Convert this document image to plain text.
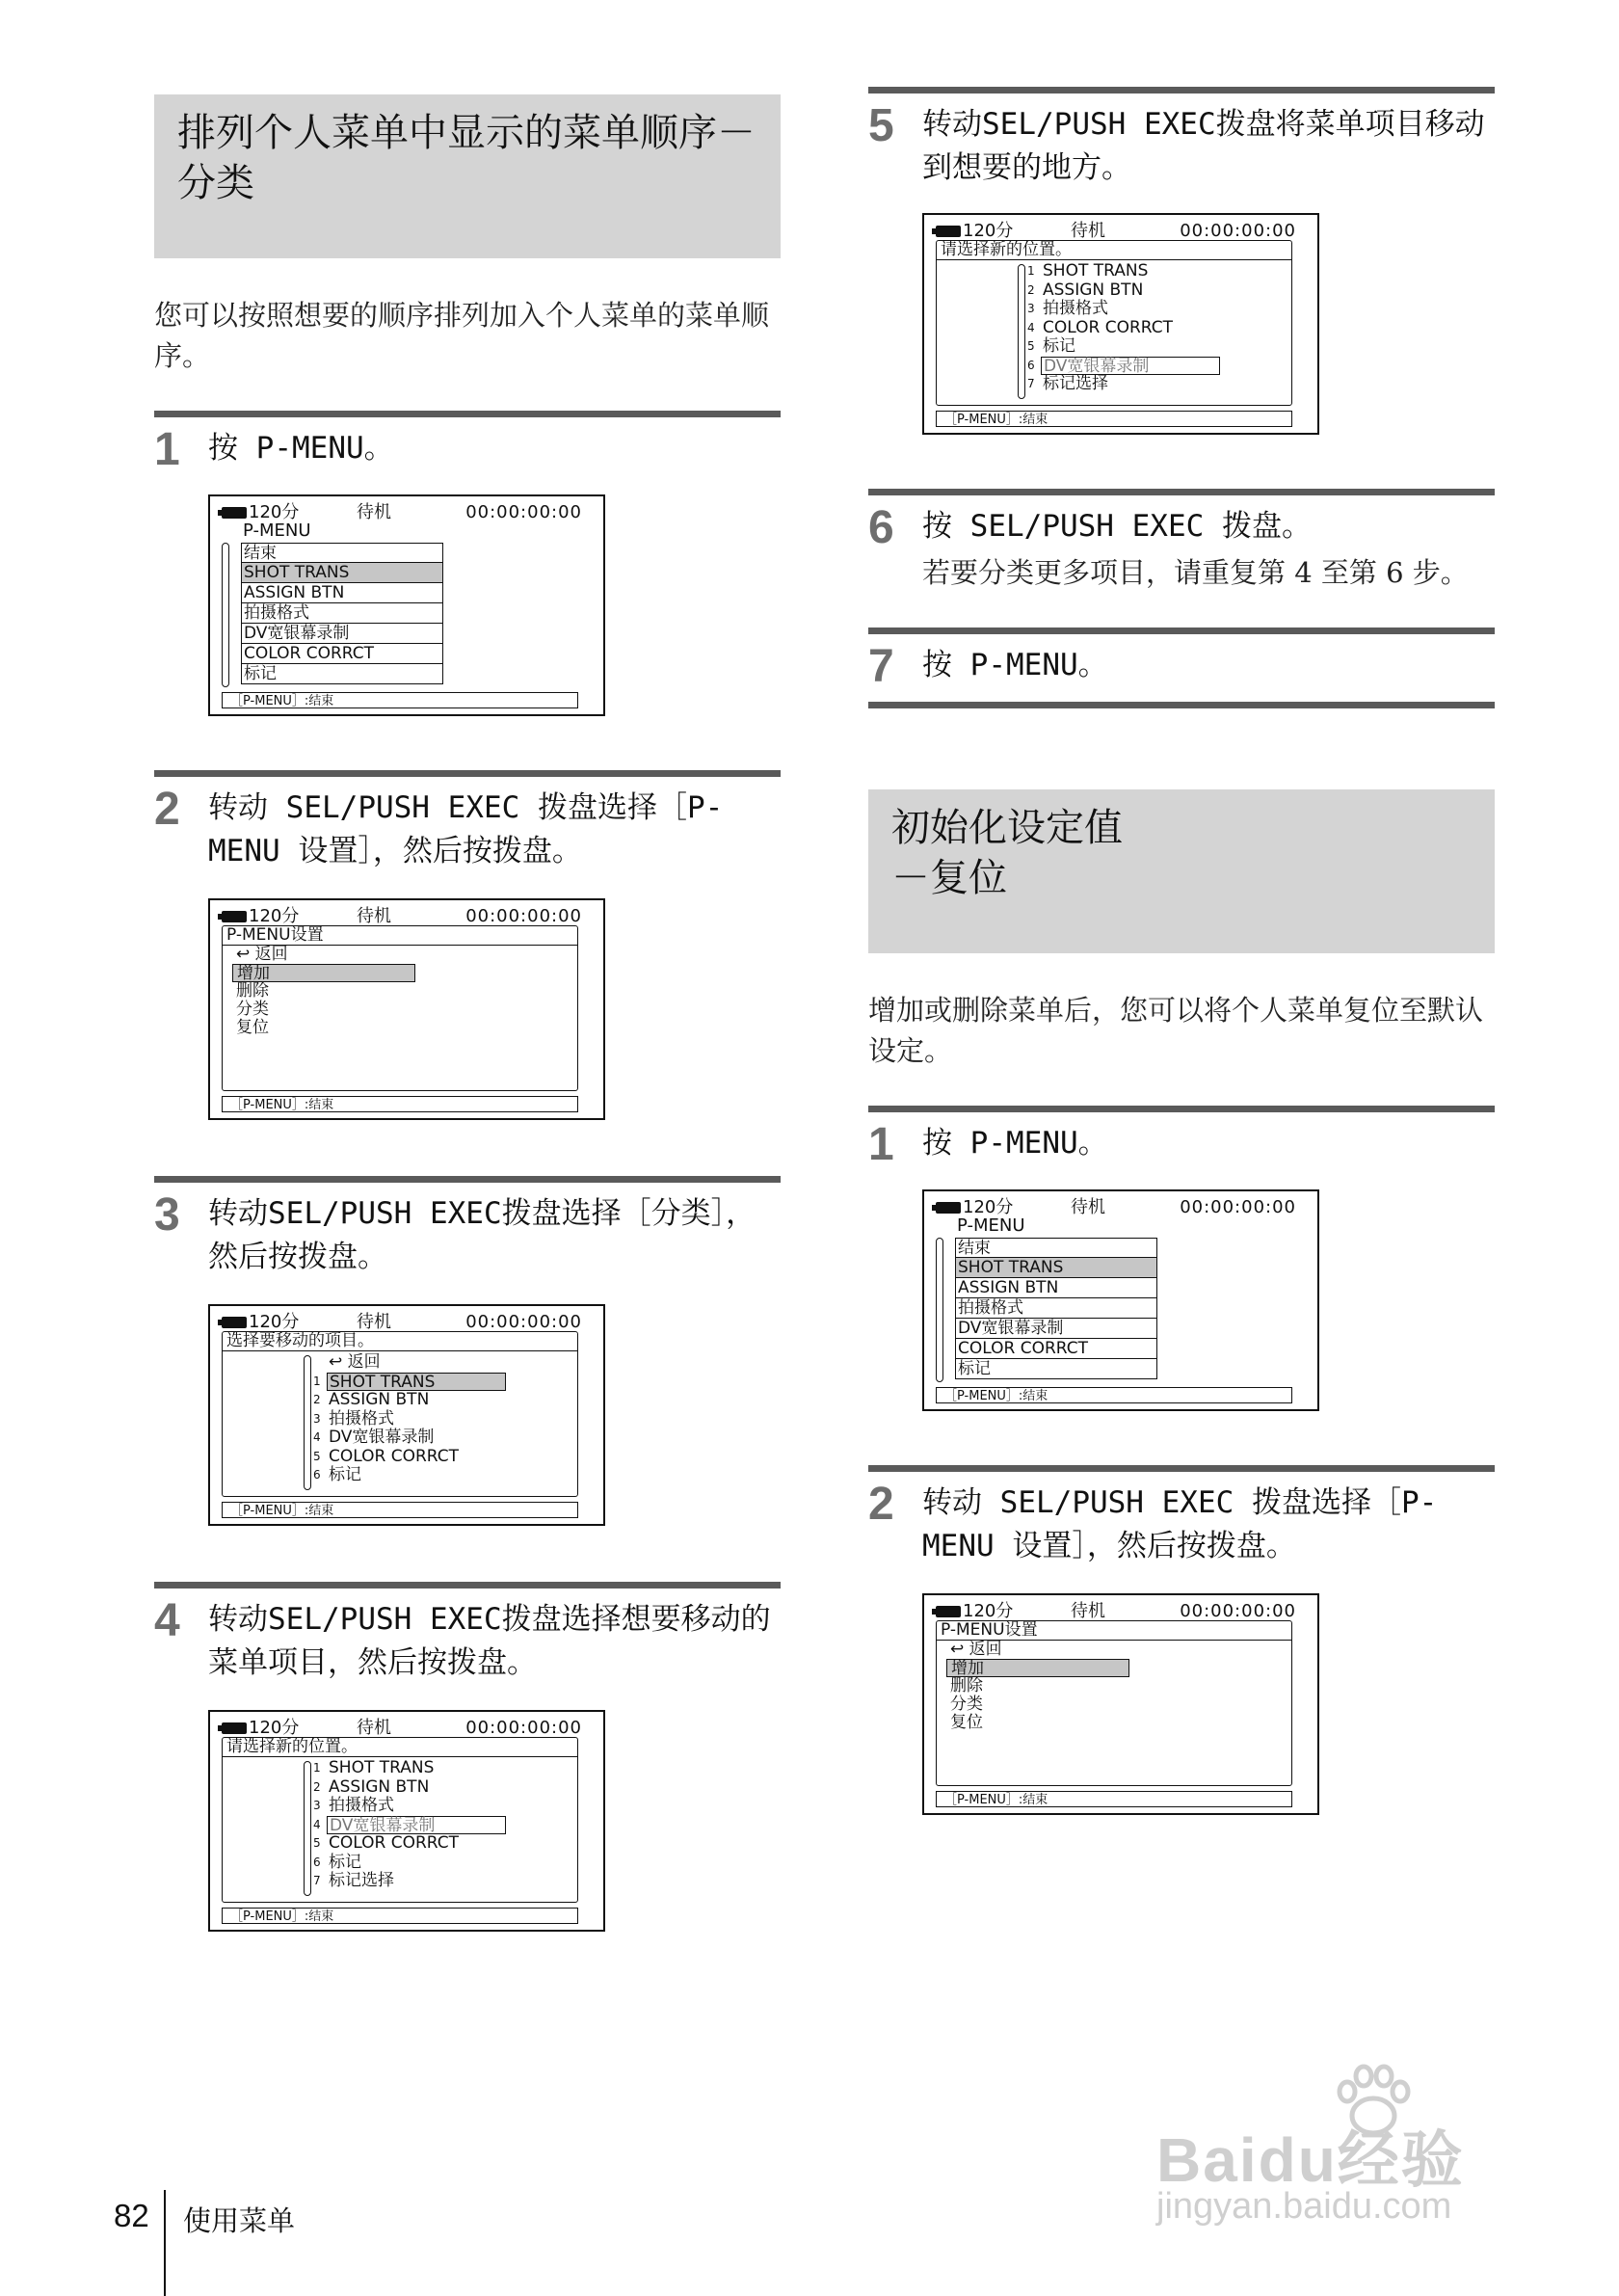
排列个人菜单中显示的菜单顺序－分类
您可以按照想要的顺序排列加入个人菜单的菜单顺序。
1 按 P-MENU。
120分	待机	00:00:00:00
P-MENU
结束
SHOT TRANS
ASSIGN BTN
拍摄格式
DV宽银幕录制
COLOR CORRCT
标记
［P-MENU］:结束
2 转动 SEL/PUSH EXEC 拨盘选择［P-MENU 设置］，然后按拨盘。
120分	待机	00:00:00:00
P-MENU设置
↩ 返回
增加
删除
分类
复位
［P-MENU］:结束
3 转动SEL/PUSH EXEC拨盘选择［分类］，然后按拨盘。
120分	待机	00:00:00:00
选择要移动的项目。
↩ 返回
1 SHOT TRANS
2 ASSIGN BTN
3 拍摄格式
4 DV宽银幕录制
5 COLOR CORRCT
6 标记
［P-MENU］:结束
4 转动SEL/PUSH EXEC拨盘选择想要移动的菜单项目，然后按拨盘。
120分	待机	00:00:00:00
请选择新的位置。
1 SHOT TRANS
2 ASSIGN BTN
3 拍摄格式
4 DV宽银幕录制
5 COLOR CORRCT
6 标记
7 标记选择
［P-MENU］:结束
5 转动SEL/PUSH EXEC拨盘将菜单项目移动到想要的地方。
120分	待机	00:00:00:00
请选择新的位置。
1 SHOT TRANS
2 ASSIGN BTN
3 拍摄格式
4 COLOR CORRCT
5 标记
6 DV宽银幕录制
7 标记选择
［P-MENU］:结束
6 按 SEL/PUSH EXEC 拨盘。
若要分类更多项目，请重复第 4 至第 6 步。
7 按 P-MENU。
初始化设定值－复位
增加或删除菜单后，您可以将个人菜单复位至默认设定。
1 按 P-MENU。
120分	待机	00:00:00:00
P-MENU
结束
SHOT TRANS
ASSIGN BTN
拍摄格式
DV宽银幕录制
COLOR CORRCT
标记
［P-MENU］:结束
2 转动 SEL/PUSH EXEC 拨盘选择［P-MENU 设置］，然后按拨盘。
120分	待机	00:00:00:00
P-MENU设置
↩ 返回
增加
删除
分类
复位
［P-MENU］:结束
82 使用菜单
Baidu经验
jingyan.baidu.com
